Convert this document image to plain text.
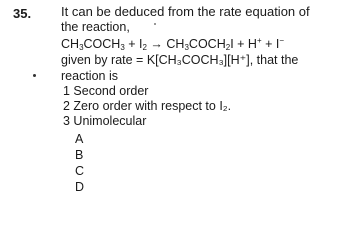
35. It can be deduced from the rate equation of
the reaction,
$CH_3COCH_3 + I_2$ → $CH_3COCH_2I + H^+ + I^-$
given by rate = K[CH₃COCH₃][H⁺], that the
reaction is
1 Second order
2 Zero order with respect to I₂.
3 Unimolecular
A
B
C
D
